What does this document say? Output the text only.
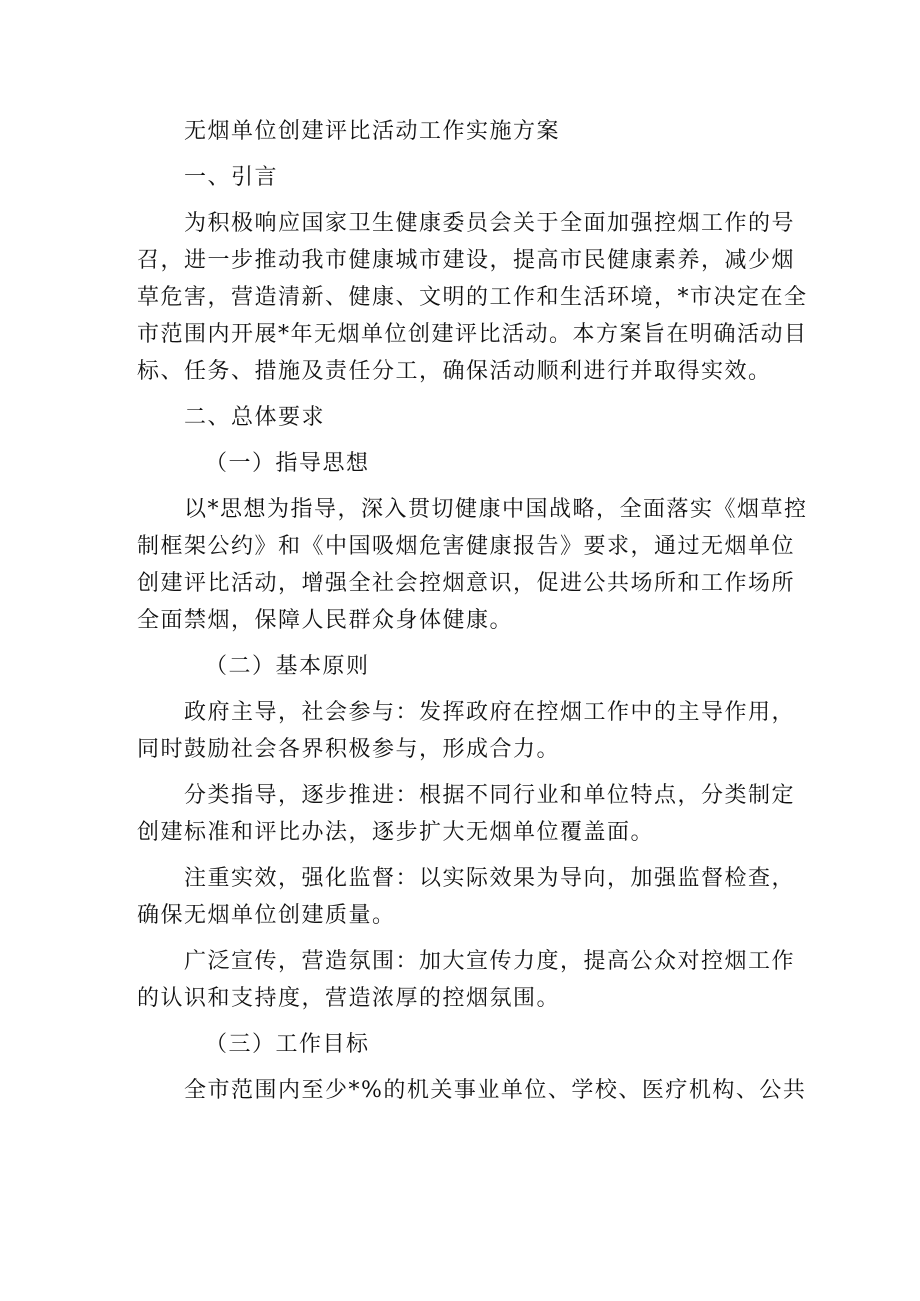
无烟单位创建评比活动工作实施方案
一、引言
为积极响应国家卫生健康委员会关于全面加强控烟工作的号
召，进一步推动我市健康城市建设，提高市民健康素养，减少烟
草危害，营造清新、健康、文明的工作和生活环境，*市决定在全
市范围内开展*年无烟单位创建评比活动。本方案旨在明确活动目
标、任务、措施及责任分工，确保活动顺利进行并取得实效。
二、总体要求
（一）指导思想
以*思想为指导，深入贯切健康中国战略，全面落实《烟草控
制框架公约》和《中国吸烟危害健康报告》要求，通过无烟单位
创建评比活动，增强全社会控烟意识，促进公共场所和工作场所
全面禁烟，保障人民群众身体健康。
（二）基本原则
政府主导，社会参与：发挥政府在控烟工作中的主导作用，
同时鼓励社会各界积极参与，形成合力。
分类指导，逐步推进：根据不同行业和单位特点，分类制定
创建标准和评比办法，逐步扩大无烟单位覆盖面。
注重实效，强化监督：以实际效果为导向，加强监督检查，
确保无烟单位创建质量。
广泛宣传，营造氛围：加大宣传力度，提高公众对控烟工作
的认识和支持度，营造浓厚的控烟氛围。
（三）工作目标
全市范围内至少*%的机关事业单位、学校、医疗机构、公共
